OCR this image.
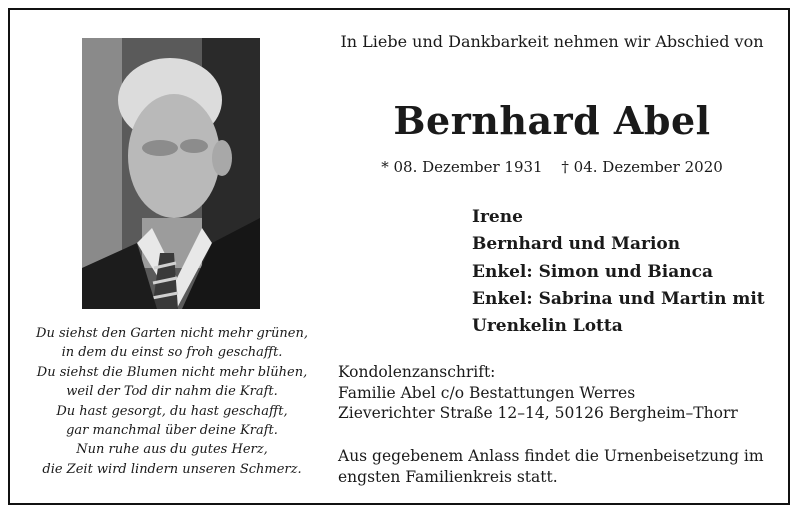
Du siehst den Garten nicht mehr grünen,
in dem du einst so froh geschafft.
Du siehst die Blumen nicht mehr blühen,
weil der Tod dir nahm die Kraft.
Du hast gesorgt, du hast geschafft,
gar manchmal über deine Kraft.
Nun ruhe aus du gutes Herz,
die Zeit wird lindern unseren Schmerz.
In Liebe und Dankbarkeit nehmen wir Abschied von
Bernhard Abel
* 08. Dezember 1931 † 04. Dezember 2020
Irene
Bernhard und Marion
Enkel: Simon und Bianca
Enkel: Sabrina und Martin mit
Urenkelin Lotta
Kondolenzanschrift:
Familie Abel c/o Bestattungen Werres
Zieverichter Straße 12–14, 50126 Bergheim–Thorr
Aus gegebenem Anlass findet die Urnenbeisetzung im
engsten Familienkreis statt.
